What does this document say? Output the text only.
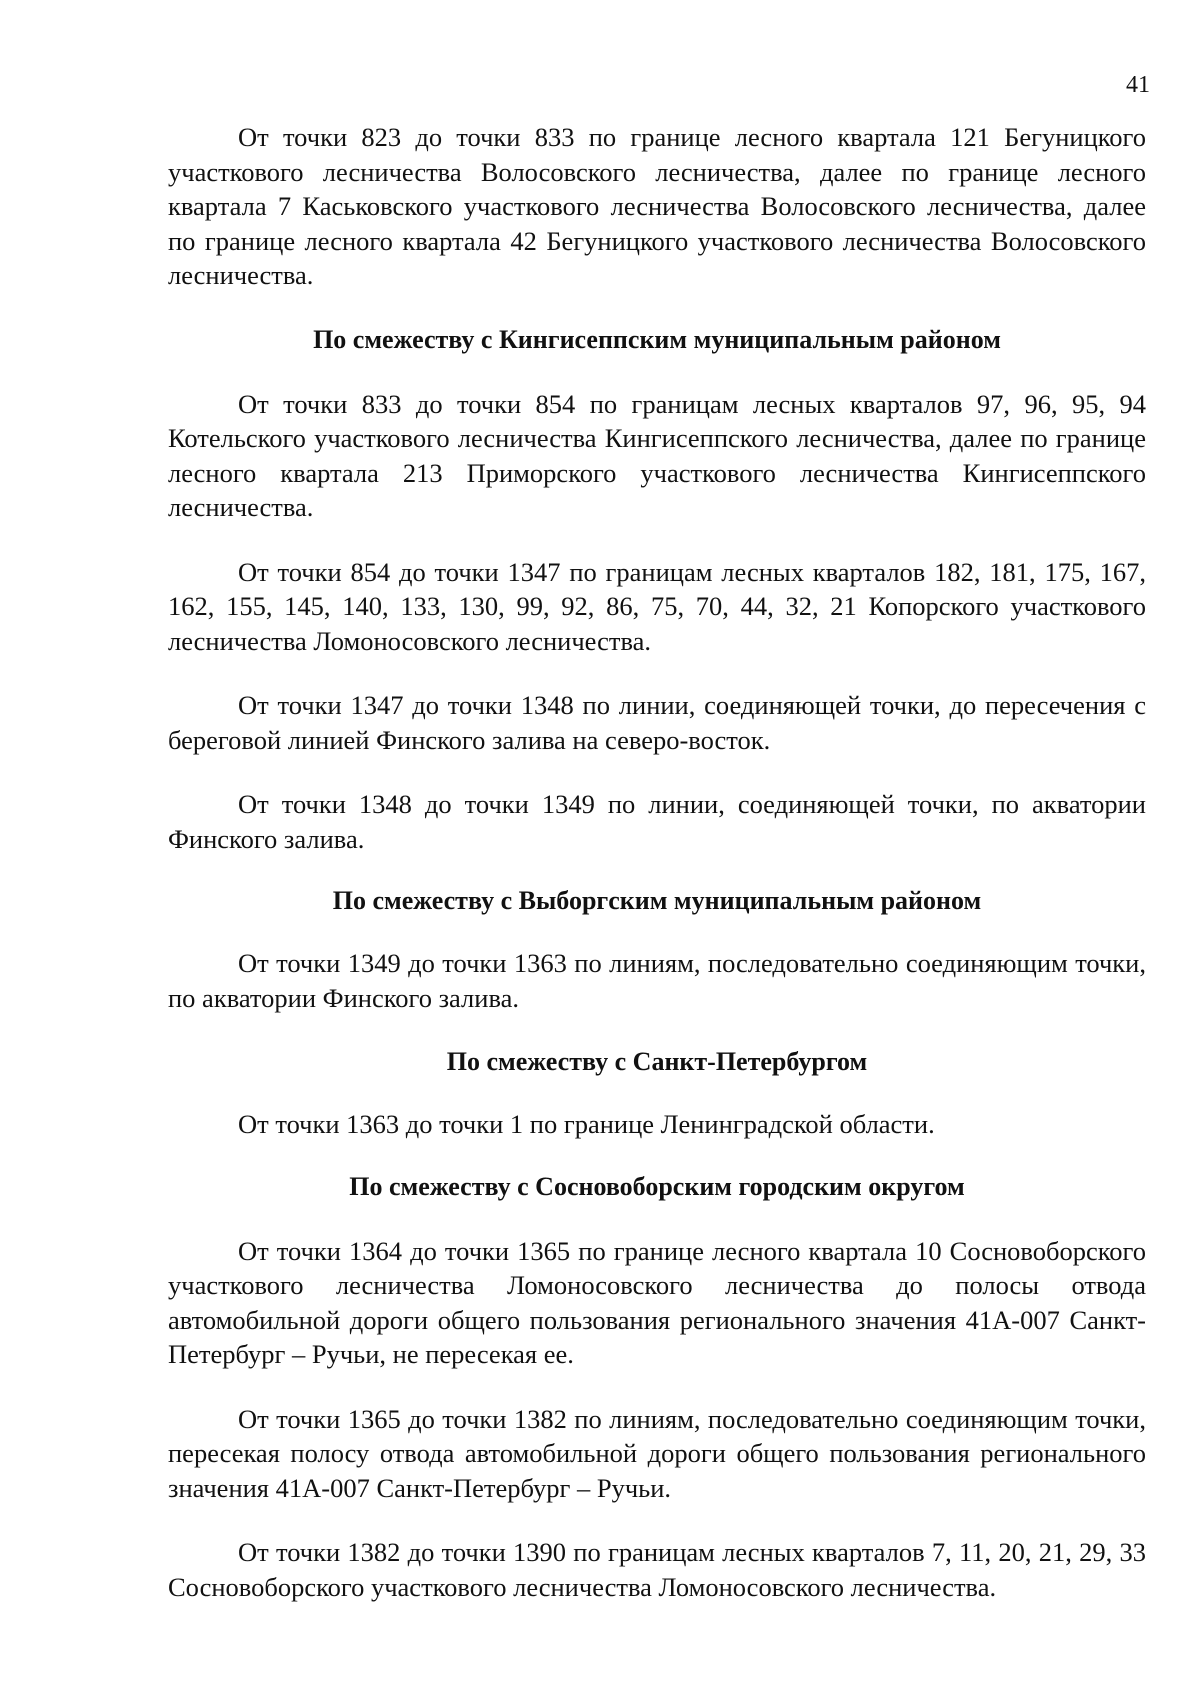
41

От точки 823 до точки 833 по границе лесного квартала 121 Бегуницкого участкового лесничества Волосовского лесничества, далее по границе лесного квартала 7 Каськовского участкового лесничества Волосовского лесничества, далее по границе лесного квартала 42 Бегуницкого участкового лесничества Волосовского лесничества.

По смежеству с Кингисеппским муниципальным районом

От точки 833 до точки 854 по границам лесных кварталов 97, 96, 95, 94 Котельского участкового лесничества Кингисеппского лесничества, далее по границе лесного квартала 213 Приморского участкового лесничества Кингисеппского лесничества.

От точки 854 до точки 1347 по границам лесных кварталов 182, 181, 175, 167, 162, 155, 145, 140, 133, 130, 99, 92, 86, 75, 70, 44, 32, 21 Копорского участкового лесничества Ломоносовского лесничества.

От точки 1347 до точки 1348 по линии, соединяющей точки, до пересечения с береговой линией Финского залива на северо-восток.

От точки 1348 до точки 1349 по линии, соединяющей точки, по акватории Финского залива.

По смежеству с Выборгским муниципальным районом

От точки 1349 до точки 1363 по линиям, последовательно соединяющим точки, по акватории Финского залива.

По смежеству с Санкт-Петербургом

От точки 1363 до точки 1 по границе Ленинградской области.

По смежеству с Сосновоборским городским округом

От точки 1364 до точки 1365 по границе лесного квартала 10 Сосновоборского участкового лесничества Ломоносовского лесничества до полосы отвода автомобильной дороги общего пользования регионального значения 41А-007 Санкт-Петербург – Ручьи, не пересекая ее.

От точки 1365 до точки 1382 по линиям, последовательно соединяющим точки, пересекая полосу отвода автомобильной дороги общего пользования регионального значения 41А-007 Санкт-Петербург – Ручьи.

От точки 1382 до точки 1390 по границам лесных кварталов 7, 11, 20, 21, 29, 33 Сосновоборского участкового лесничества Ломоносовского лесничества.
